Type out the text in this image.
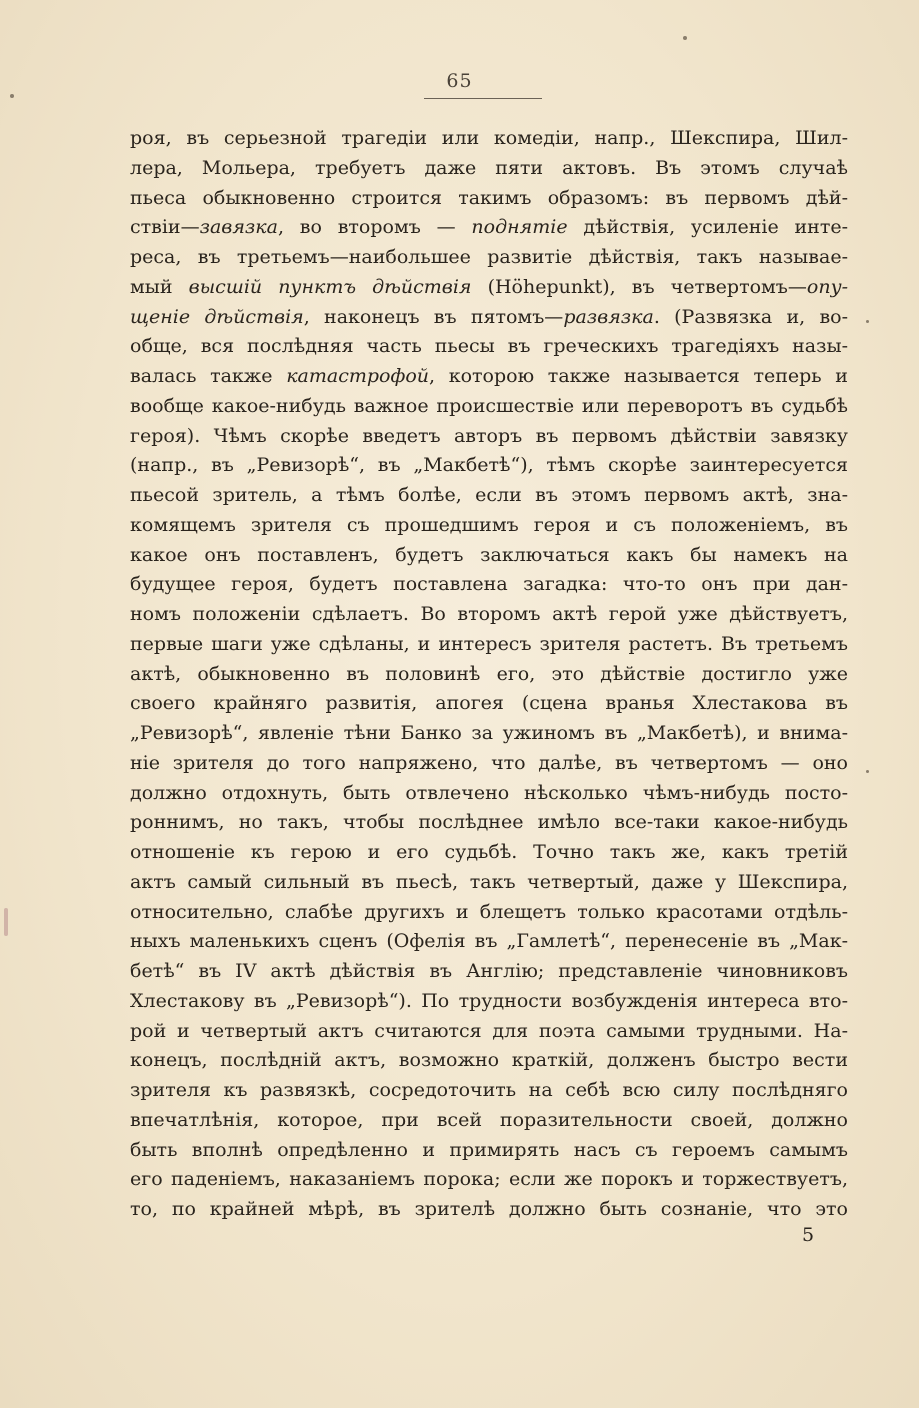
65
роя, въ серьезной трагедіи или комедіи, напр., Шекспира, Шил-
лера, Мольера, требуетъ даже пяти актовъ. Въ этомъ случаѣ
пьеса обыкновенно строится такимъ образомъ: въ первомъ дѣй-
ствіи—завязка, во второмъ — поднятіе дѣйствія, усиленіе инте-
реса, въ третьемъ—наибольшее развитіе дѣйствія, такъ называе-
мый высшій пунктъ дѣйствія (Höhepunkt), въ четвертомъ—опу-
щеніе дѣйствія, наконецъ въ пятомъ—развязка. (Развязка и, во-
обще, вся послѣдняя часть пьесы въ греческихъ трагедіяхъ назы-
валась также катастрофой, которою также называется теперь и
вообще какое-нибудь важное происшествіе или переворотъ въ судьбѣ
героя). Чѣмъ скорѣе введетъ авторъ въ первомъ дѣйствіи завязку
(напр., въ „Ревизорѣ“, въ „Макбетѣ“), тѣмъ скорѣе заинтересуется
пьесой зритель, а тѣмъ болѣе, если въ этомъ первомъ актѣ, зна-
комящемъ зрителя съ прошедшимъ героя и съ положеніемъ, въ
какое онъ поставленъ, будетъ заключаться какъ бы намекъ на
будущее героя, будетъ поставлена загадка: что-то онъ при дан-
номъ положеніи сдѣлаетъ. Во второмъ актѣ герой уже дѣйствуетъ,
первые шаги уже сдѣланы, и интересъ зрителя растетъ. Въ третьемъ
актѣ, обыкновенно въ половинѣ его, это дѣйствіе достигло уже
своего крайняго развитія, апогея (сцена вранья Хлестакова въ
„Ревизорѣ“, явленіе тѣни Банко за ужиномъ въ „Макбетѣ), и внима-
ніе зрителя до того напряжено, что далѣе, въ четвертомъ — оно
должно отдохнуть, быть отвлечено нѣсколько чѣмъ-нибудь посто-
роннимъ, но такъ, чтобы послѣднее имѣло все-таки какое-нибудь
отношеніе къ герою и его судьбѣ. Точно такъ же, какъ третій
актъ самый сильный въ пьесѣ, такъ четвертый, даже у Шекспира,
относительно, слабѣе другихъ и блещетъ только красотами отдѣль-
ныхъ маленькихъ сценъ (Офелія въ „Гамлетѣ“, перенесеніе въ „Мак-
бетѣ“ въ IV актѣ дѣйствія въ Англію; представленіе чиновниковъ
Хлестакову въ „Ревизорѣ“). По трудности возбужденія интереса вто-
рой и четвертый актъ считаются для поэта самыми трудными. На-
конецъ, послѣдній актъ, возможно краткій, долженъ быстро вести
зрителя къ развязкѣ, сосредоточить на себѣ всю силу послѣдняго
впечатлѣнія, которое, при всей поразительности своей, должно
быть вполнѣ опредѣленно и примирять насъ съ героемъ самымъ
его паденіемъ, наказаніемъ порока; если же порокъ и торжествуетъ,
то, по крайней мѣрѣ, въ зрителѣ должно быть сознаніе, что это
5
